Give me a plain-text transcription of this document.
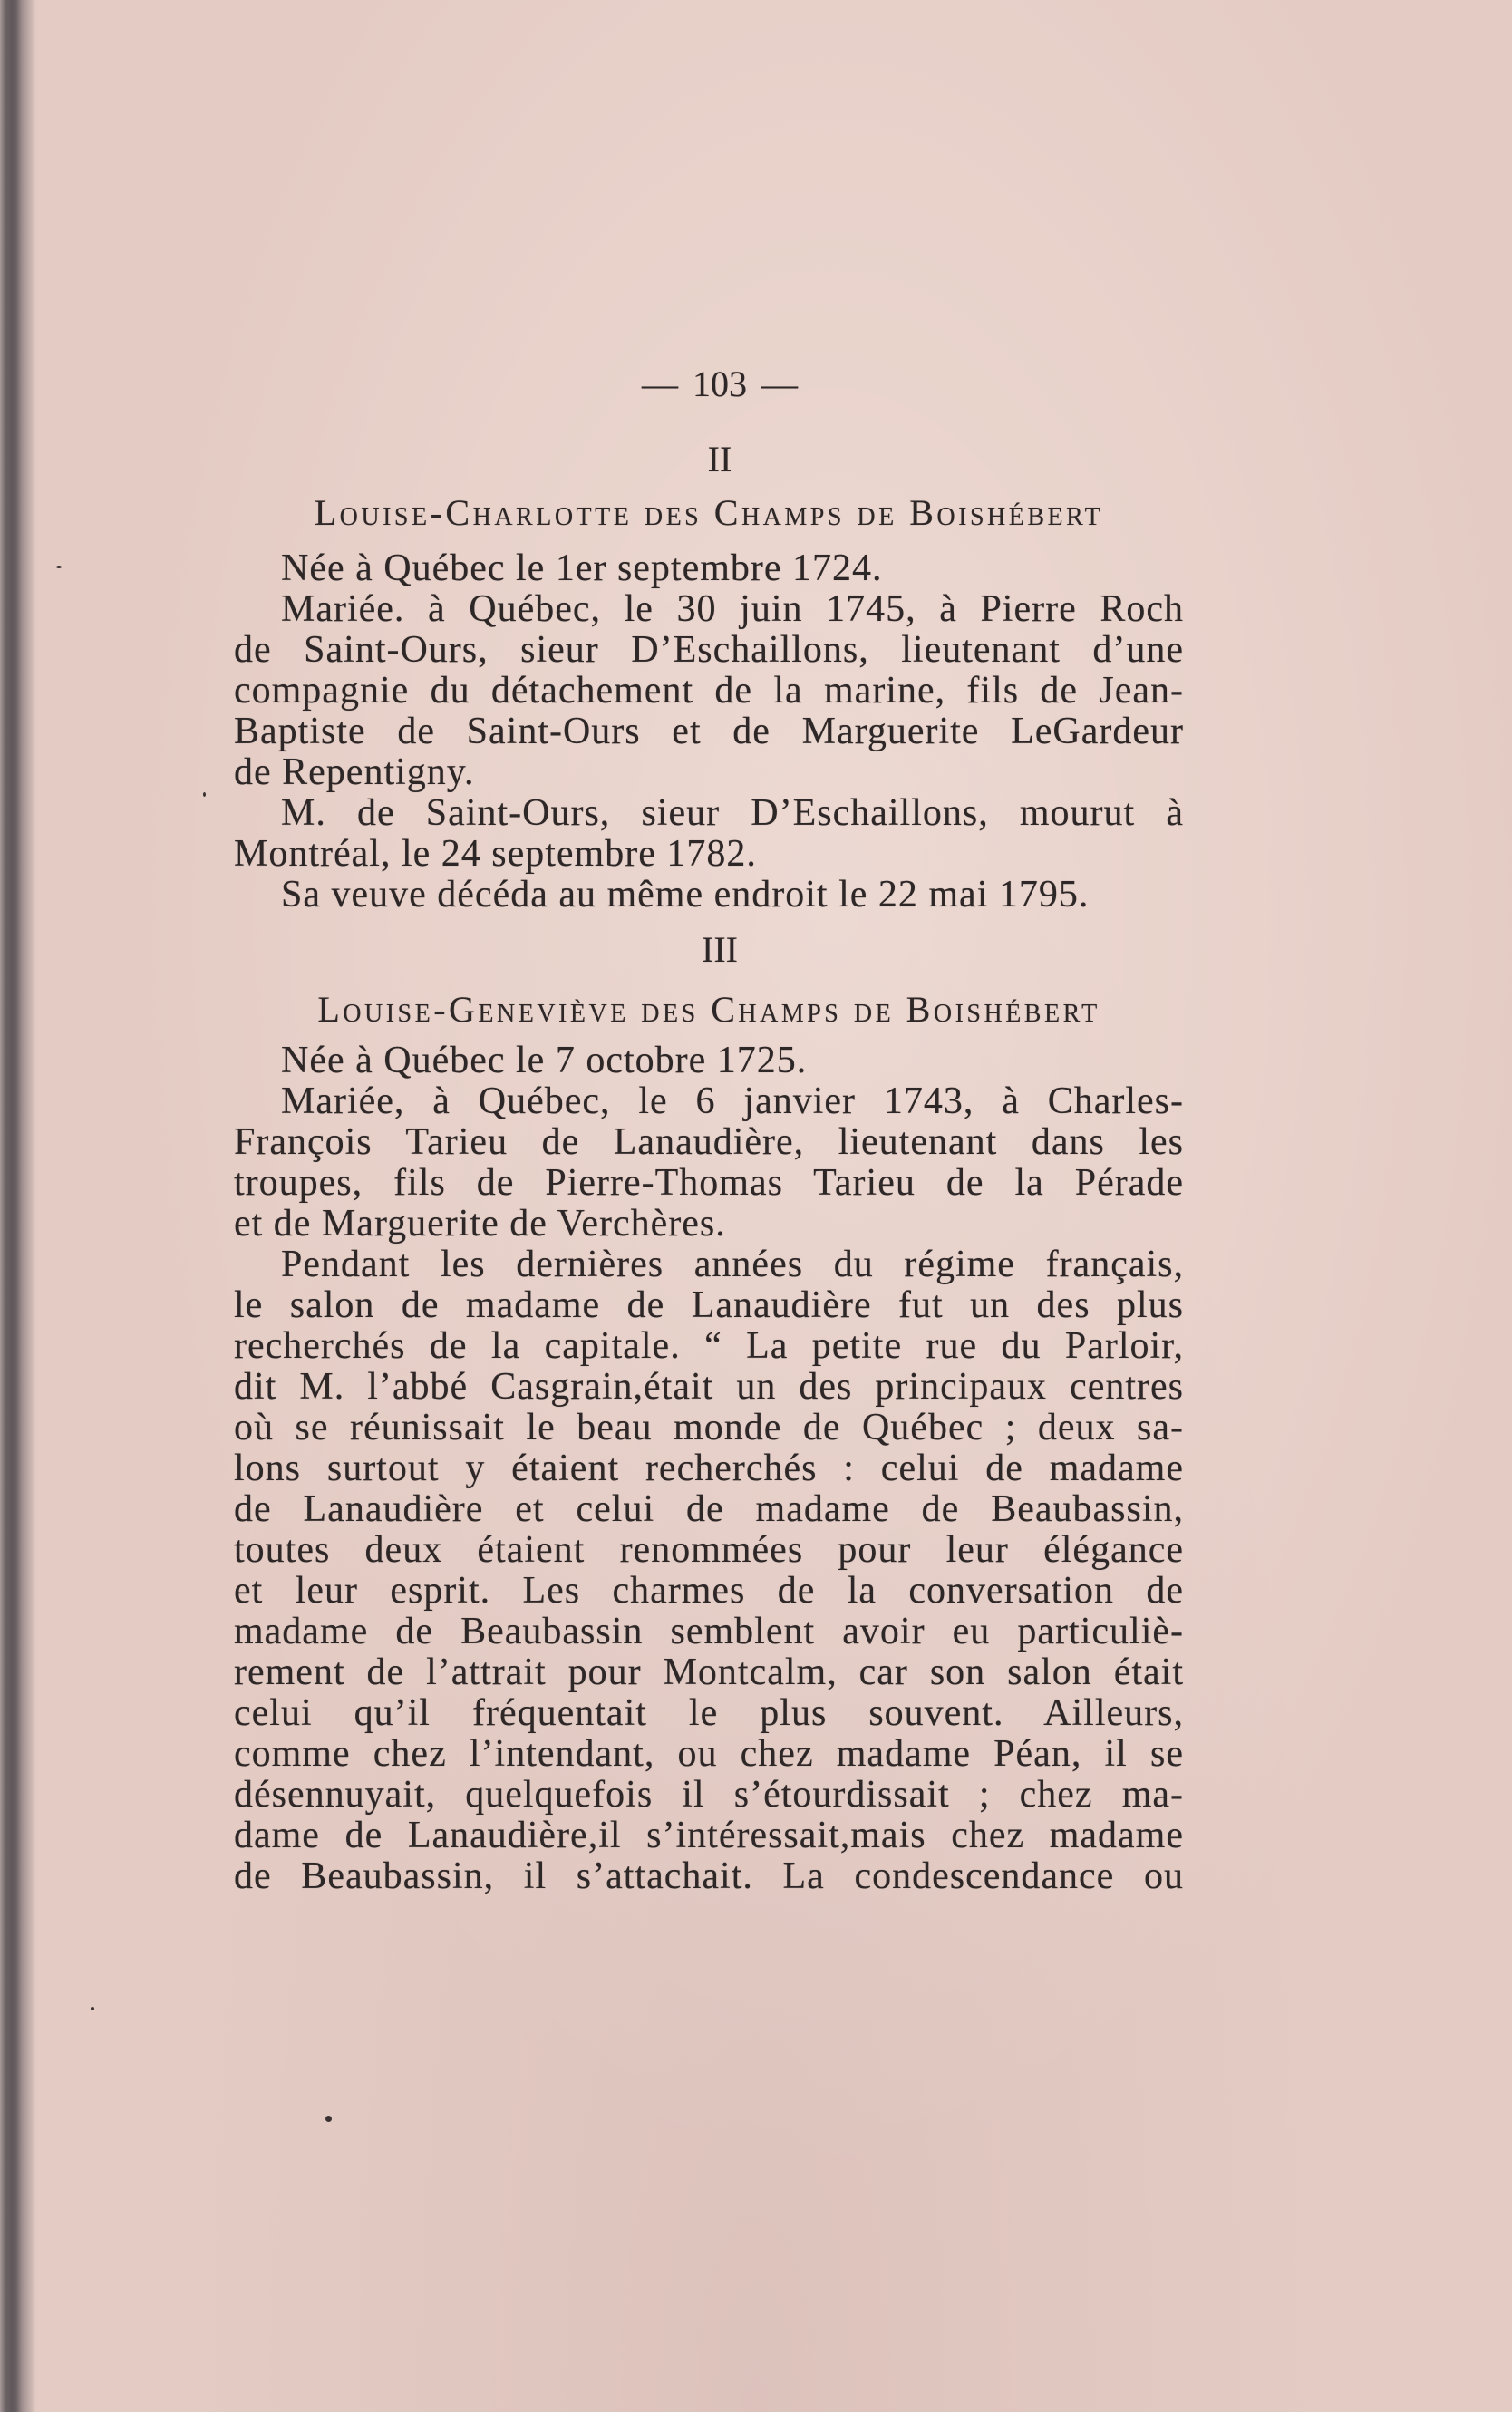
— 103 —
II
Louise-Charlotte des Champs de Boishébert
Née à Québec le 1er septembre 1724.
Mariée. à Québec, le 30 juin 1745, à Pierre Roch
de Saint-Ours, sieur D’Eschaillons, lieutenant d’une
compagnie du détachement de la marine, fils de Jean-
Baptiste de Saint-Ours et de Marguerite LeGardeur
de Repentigny.
M. de Saint-Ours, sieur D’Eschaillons, mourut à
Montréal, le 24 septembre 1782.
Sa veuve décéda au même endroit le 22 mai 1795.
III
Louise-Geneviève des Champs de Boishébert
Née à Québec le 7 octobre 1725.
Mariée, à Québec, le 6 janvier 1743, à Charles-
François Tarieu de Lanaudière, lieutenant dans les
troupes, fils de Pierre-Thomas Tarieu de la Pérade
et de Marguerite de Verchères.
Pendant les dernières années du régime français,
le salon de madame de Lanaudière fut un des plus
recherchés de la capitale. “ La petite rue du Parloir,
dit M. l’abbé Casgrain,était un des principaux centres
où se réunissait le beau monde de Québec ; deux sa-
lons surtout y étaient recherchés : celui de madame
de Lanaudière et celui de madame de Beaubassin,
toutes deux étaient renommées pour leur élégance
et leur esprit. Les charmes de la conversation de
madame de Beaubassin semblent avoir eu particuliè-
rement de l’attrait pour Montcalm, car son salon était
celui qu’il fréquentait le plus souvent. Ailleurs,
comme chez l’intendant, ou chez madame Péan, il se
désennuyait, quelquefois il s’étourdissait ; chez ma-
dame de Lanaudière,il s’intéressait,mais chez madame
de Beaubassin, il s’attachait. La condescendance ou
